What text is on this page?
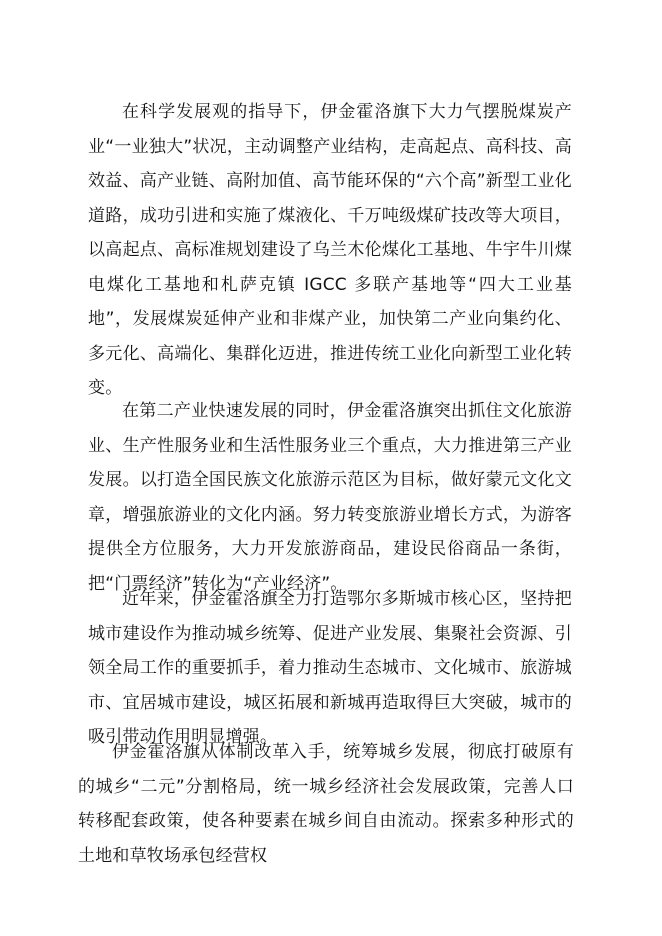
在科学发展观的指导下，伊金霍洛旗下大力气摆脱煤炭产业“一业独大”状况，主动调整产业结构，走高起点、高科技、高效益、高产业链、高附加值、高节能环保的“六个高”新型工业化道路，成功引进和实施了煤液化、千万吨级煤矿技改等大项目，以高起点、高标准规划建设了乌兰木伦煤化工基地、牛宇牛川煤电煤化工基地和札萨克镇 IGCC 多联产基地等“四大工业基地”，发展煤炭延伸产业和非煤产业，加快第二产业向集约化、多元化、高端化、集群化迈进，推进传统工业化向新型工业化转变。

在第二产业快速发展的同时，伊金霍洛旗突出抓住文化旅游业、生产性服务业和生活性服务业三个重点，大力推进第三产业发展。以打造全国民族文化旅游示范区为目标，做好蒙元文化文章，增强旅游业的文化内涵。努力转变旅游业增长方式，为游客提供全方位服务，大力开发旅游商品，建设民俗商品一条街，把“门票经济”转化为“产业经济”。

近年来，伊金霍洛旗全力打造鄂尔多斯城市核心区，坚持把城市建设作为推动城乡统筹、促进产业发展、集聚社会资源、引领全局工作的重要抓手，着力推动生态城市、文化城市、旅游城市、宜居城市建设，城区拓展和新城再造取得巨大突破，城市的吸引带动作用明显增强。

伊金霍洛旗从体制改革入手，统筹城乡发展，彻底打破原有的城乡“二元”分割格局，统一城乡经济社会发展政策，完善人口转移配套政策，使各种要素在城乡间自由流动。探索多种形式的土地和草牧场承包经营权
